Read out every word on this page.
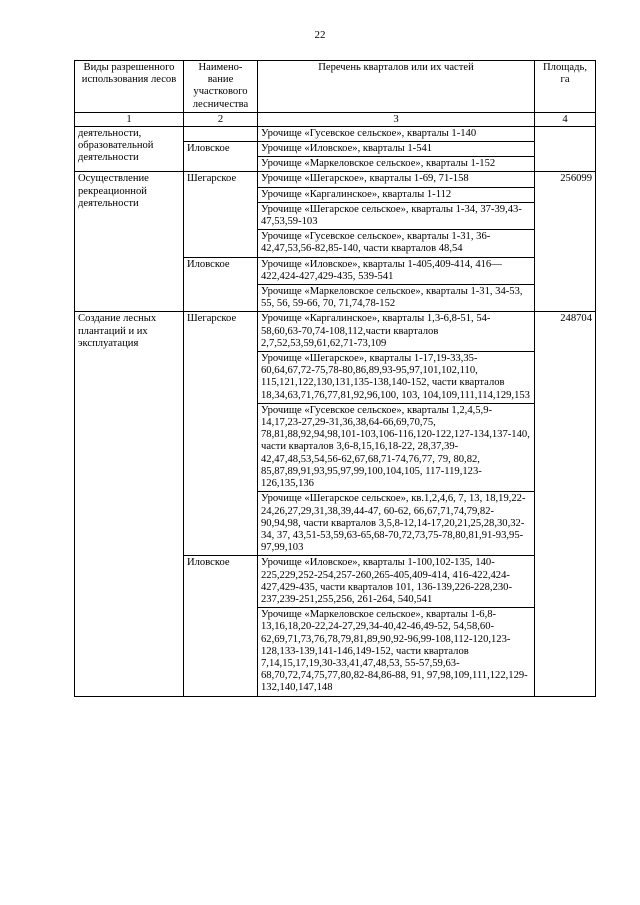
22
Виды разрешенного использования лесов	Наимено-вание участкового лесничества	Перечень кварталов или их частей	Площадь, га
1	2	3	4
деятельности, образовательной деятельности		Урочище «Гусевское сельское», кварталы 1-140	
	Иловское	Урочище «Иловское», кварталы 1-541	
		Урочище «Маркеловское сельское», кварталы 1-152	
Осуществление рекреационной деятельности	Шегарское	Урочище «Шегарское», кварталы 1-69, 71-158	256099
		Урочище «Каргалинское», кварталы 1-112	
		Урочище «Шегарское сельское», кварталы 1-34, 37-39,43-47,53,59-103	
		Урочище «Гусевское сельское», кварталы 1-31, 36-42,47,53,56-82,85-140, части кварталов 48,54	
	Иловское	Урочище «Иловское», кварталы 1-405,409-414, 416—422,424-427,429-435, 539-541	
		Урочище «Маркеловское сельское», кварталы 1-31, 34-53, 55, 56, 59-66, 70, 71,74,78-152	
Создание лесных плантаций и их эксплуатация	Шегарское	Урочище «Каргалинское», кварталы 1,3-6,8-51, 54-58,60,63-70,74-108,112,части кварталов 2,7,52,53,59,61,62,71-73,109	248704
		Урочище «Шегарское», кварталы 1-17,19-33,35-60,64,67,72-75,78-80,86,89,93-95,97,101,102,110, 115,121,122,130,131,135-138,140-152, части кварталов 18,34,63,71,76,77,81,92,96,100, 103, 104,109,111,114,129,153	
		Урочище «Гусевское сельское», кварталы 1,2,4,5,9-14,17,23-27,29-31,36,38,64-66,69,70,75, 78,81,88,92,94,98,101-103,106-116,120-122,127-134,137-140, части кварталов 3,6-8,15,16,18-22, 28,37,39-42,47,48,53,54,56-62,67,68,71-74,76,77, 79, 80,82, 85,87,89,91,93,95,97,99,100,104,105, 117-119,123-126,135,136	
		Урочище «Шегарское сельское», кв.1,2,4,6, 7, 13, 18,19,22-24,26,27,29,31,38,39,44-47, 60-62, 66,67,71,74,79,82-90,94,98, части кварталов 3,5,8-12,14-17,20,21,25,28,30,32-34, 37, 43,51-53,59,63-65,68-70,72,73,75-78,80,81,91-93,95-97,99,103	
	Иловское	Урочище «Иловское», кварталы 1-100,102-135, 140-225,229,252-254,257-260,265-405,409-414, 416-422,424-427,429-435, части кварталов 101, 136-139,226-228,230-237,239-251,255,256, 261-264, 540,541	
		Урочище «Маркеловское сельское», кварталы 1-6,8-13,16,18,20-22,24-27,29,34-40,42-46,49-52, 54,58,60-62,69,71,73,76,78,79,81,89,90,92-96,99-108,112-120,123-128,133-139,141-146,149-152, части кварталов 7,14,15,17,19,30-33,41,47,48,53, 55-57,59,63-68,70,72,74,75,77,80,82-84,86-88, 91, 97,98,109,111,122,129-132,140,147,148	
